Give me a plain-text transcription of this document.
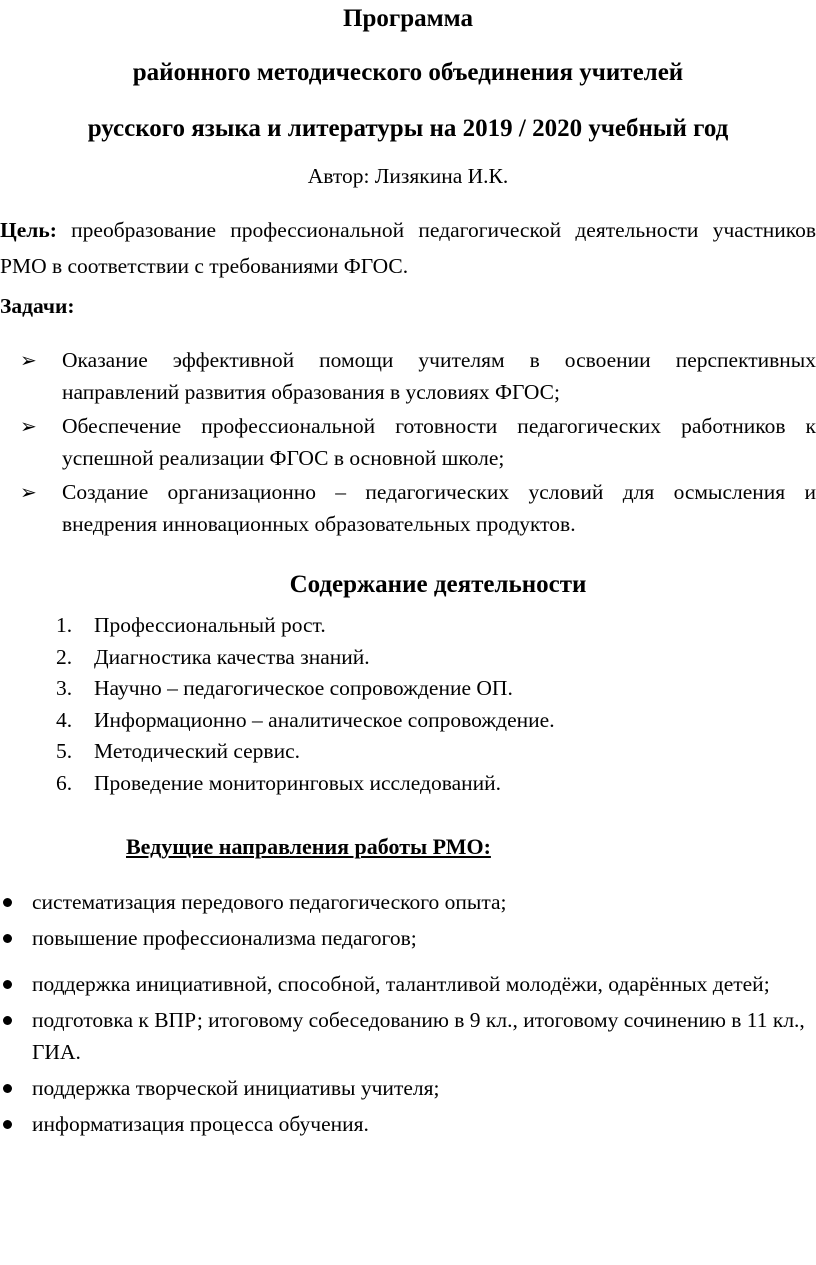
Программа
районного методического объединения учителей
русского языка и литературы на 2019 / 2020 учебный год
Автор: Лизякина И.К.
Цель: преобразование профессиональной педагогической деятельности участников РМО в соответствии с требованиями ФГОС.
Задачи:
➢ Оказание эффективной помощи учителям в освоении перспективных направлений развития образования в условиях ФГОС;
➢ Обеспечение профессиональной готовности педагогических работников к успешной реализации ФГОС в основной школе;
➢ Создание организационно – педагогических условий для осмысления и внедрения инновационных образовательных продуктов.
Содержание деятельности
1. Профессиональный рост.
2. Диагностика качества знаний.
3. Научно – педагогическое сопровождение ОП.
4. Информационно – аналитическое сопровождение.
5. Методический сервис.
6. Проведение мониторинговых исследований.
Ведущие направления работы РМО:
систематизация передового педагогического опыта;
повышение профессионализма педагогов;
поддержка инициативной, способной, талантливой молодёжи, одарённых детей;
подготовка к ВПР; итоговому собеседованию в 9 кл., итоговому сочинению в 11 кл., ГИА.
поддержка творческой инициативы учителя;
информатизация процесса обучения.
